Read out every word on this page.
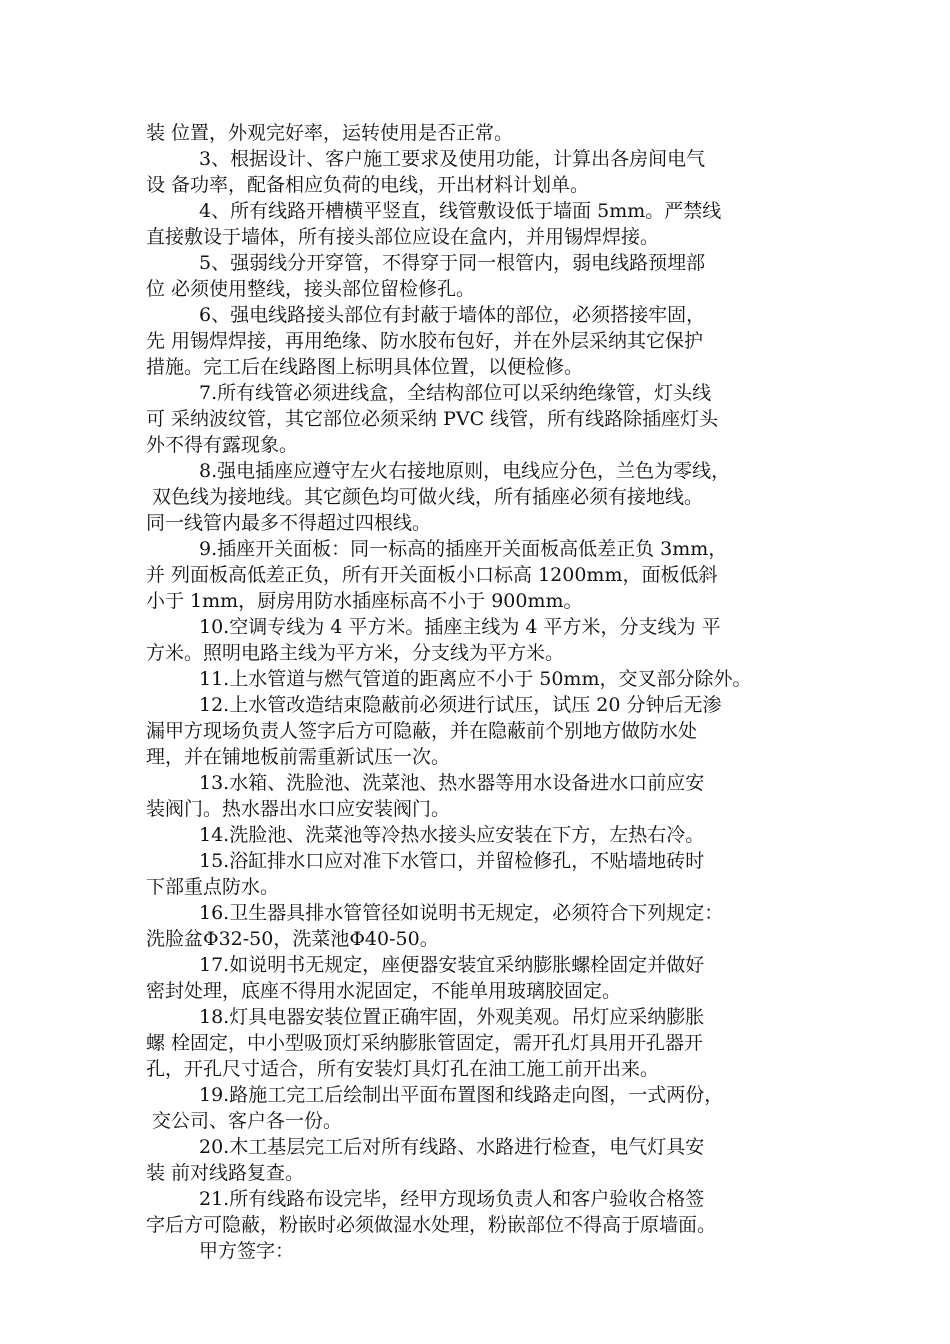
装 位置，外观完好率，运转使用是否正常。
3、根据设计、客户施工要求及使用功能，计算出各房间电气
设 备功率，配备相应负荷的电线，开出材料计划单。
4、所有线路开槽横平竖直，线管敷设低于墙面 5mm。严禁线
直接敷设于墙体，所有接头部位应设在盒内，并用锡焊焊接。
5、强弱线分开穿管，不得穿于同一根管内，弱电线路预埋部
位 必须使用整线，接头部位留检修孔。
6、强电线路接头部位有封蔽于墙体的部位，必须搭接牢固，
先 用锡焊焊接，再用绝缘、防水胶布包好，并在外层采纳其它保护
措施。完工后在线路图上标明具体位置，以便检修。
7.所有线管必须进线盒，全结构部位可以采纳绝缘管，灯头线
可 采纳波纹管，其它部位必须采纳 PVC 线管，所有线路除插座灯头
外不得有露现象。
8.强电插座应遵守左火右接地原则，电线应分色，兰色为零线，
双色线为接地线。其它颜色均可做火线，所有插座必须有接地线。
同一线管内最多不得超过四根线。
9.插座开关面板：同一标高的插座开关面板高低差正负 3mm，
并 列面板高低差正负，所有开关面板小口标高 1200mm，面板低斜
小于 1mm，厨房用防水插座标高不小于 900mm。
10.空调专线为 4 平方米。插座主线为 4 平方米，分支线为 平
方米。照明电路主线为平方米，分支线为平方米。
11.上水管道与燃气管道的距离应不小于 50mm，交叉部分除外。
12.上水管改造结束隐蔽前必须进行试压，试压 20 分钟后无渗
漏甲方现场负责人签字后方可隐蔽，并在隐蔽前个别地方做防水处
理，并在铺地板前需重新试压一次。
13.水箱、洗脸池、洗菜池、热水器等用水设备进水口前应安
装阀门。热水器出水口应安装阀门。
14.洗脸池、洗菜池等冷热水接头应安装在下方，左热右冷。
15.浴缸排水口应对准下水管口，并留检修孔，不贴墙地砖时
下部重点防水。
16.卫生器具排水管管径如说明书无规定，必须符合下列规定：
洗脸盆Φ32-50，洗菜池Φ40-50。
17.如说明书无规定，座便器安装宜采纳膨胀螺栓固定并做好
密封处理，底座不得用水泥固定，不能单用玻璃胶固定。
18.灯具电器安装位置正确牢固，外观美观。吊灯应采纳膨胀
螺 栓固定，中小型吸顶灯采纳膨胀管固定，需开孔灯具用开孔器开
孔，开孔尺寸适合，所有安装灯具灯孔在油工施工前开出来。
19.路施工完工后绘制出平面布置图和线路走向图，一式两份，
交公司、客户各一份。
20.木工基层完工后对所有线路、水路进行检查，电气灯具安
装 前对线路复查。
21.所有线路布设完毕，经甲方现场负责人和客户验收合格签
字后方可隐蔽，粉嵌时必须做湿水处理，粉嵌部位不得高于原墙面。
甲方签字：
